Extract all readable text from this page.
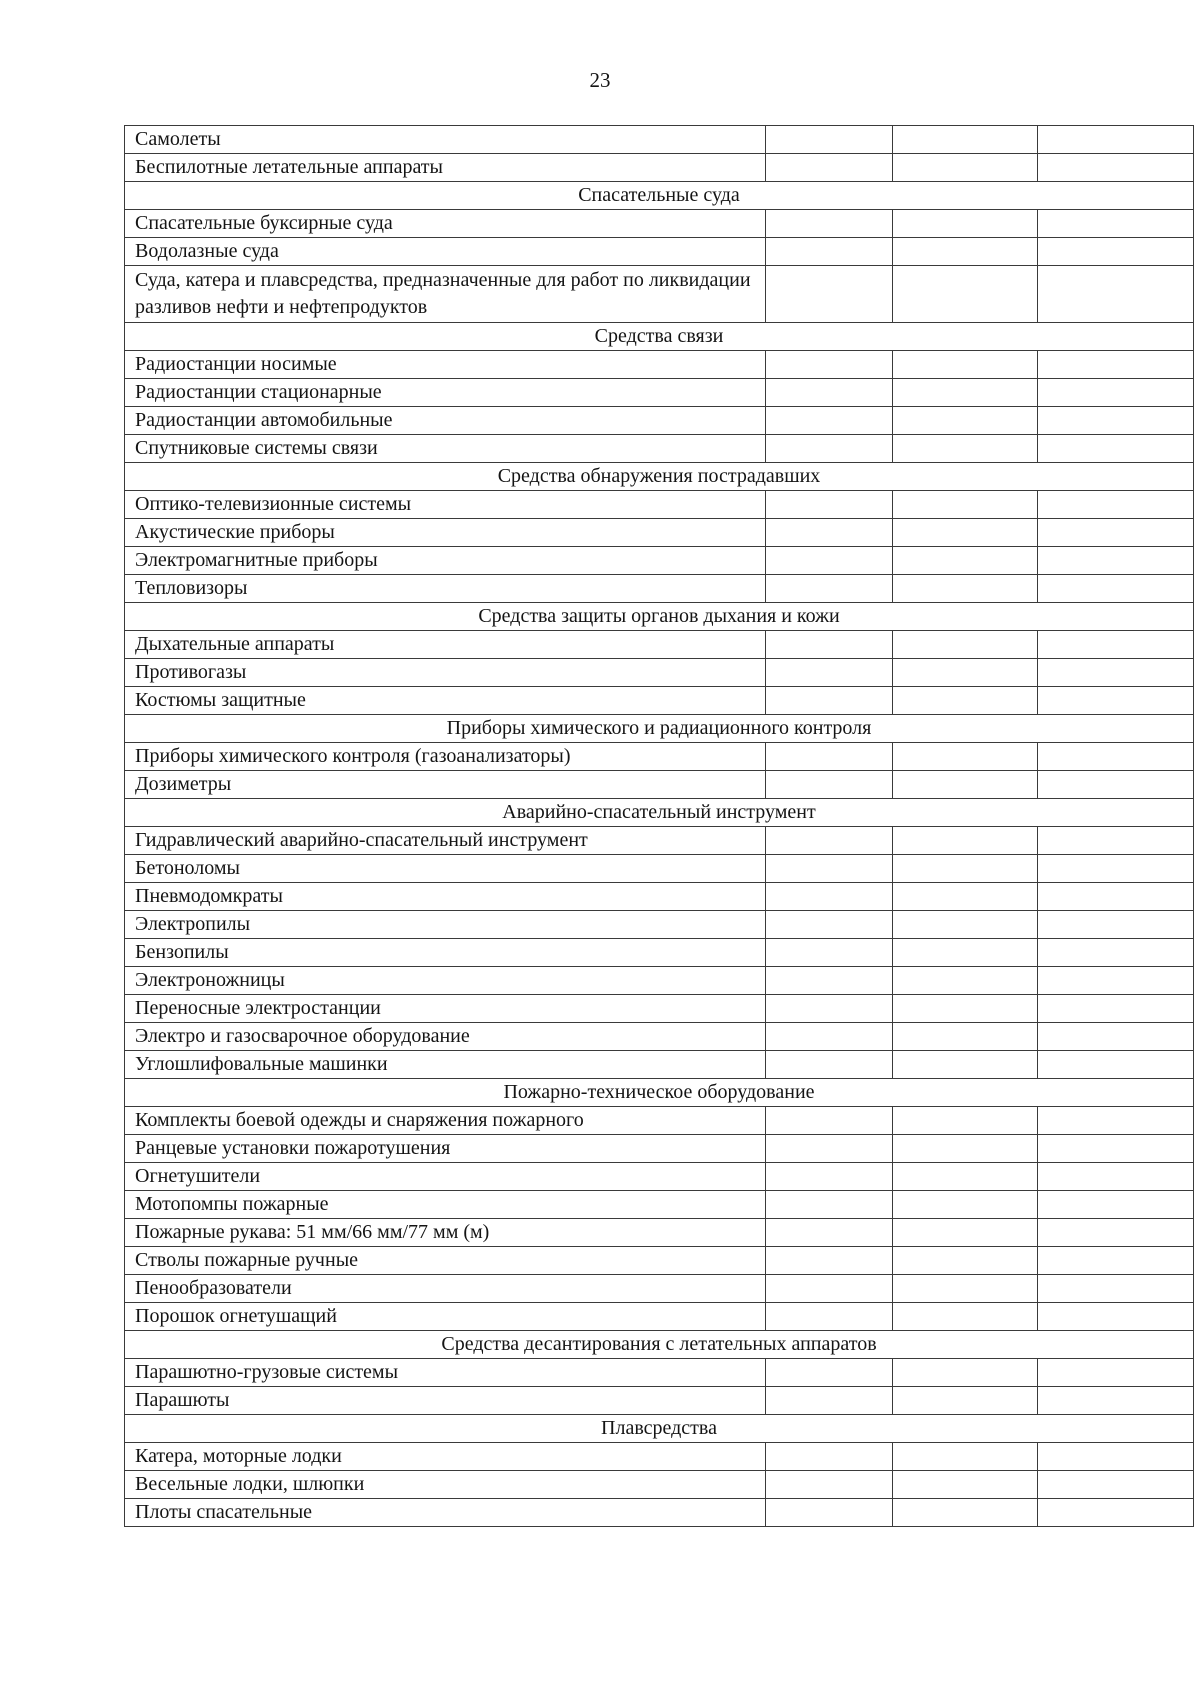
23
Самолеты			
Беспилотные летательные аппараты			
Спасательные суда			
Спасательные буксирные суда			
Водолазные суда			
Суда, катера и плавсредства, предназначенные для работ по ликвидации разливов нефти и нефтепродуктов			
Средства связи			
Радиостанции носимые			
Радиостанции стационарные			
Радиостанции автомобильные			
Спутниковые системы связи			
Средства обнаружения пострадавших			
Оптико-телевизионные системы			
Акустические приборы			
Электромагнитные приборы			
Тепловизоры			
Средства защиты органов дыхания и кожи			
Дыхательные аппараты			
Противогазы			
Костюмы защитные			
Приборы химического и радиационного контроля			
Приборы химического контроля (газоанализаторы)			
Дозиметры			
Аварийно-спасательный инструмент			
Гидравлический аварийно-спасательный инструмент			
Бетоноломы			
Пневмодомкраты			
Электропилы			
Бензопилы			
Электроножницы			
Переносные электростанции			
Электро и газосварочное оборудование			
Углошлифовальные машинки			
Пожарно-техническое оборудование			
Комплекты боевой одежды и снаряжения пожарного			
Ранцевые установки пожаротушения			
Огнетушители			
Мотопомпы пожарные			
Пожарные рукава: 51 мм/66 мм/77 мм (м)			
Стволы пожарные ручные			
Пенообразователи			
Порошок огнетушащий			
Средства десантирования с летательных аппаратов			
Парашютно-грузовые системы			
Парашюты			
Плавсредства			
Катера, моторные лодки			
Весельные лодки, шлюпки			
Плоты спасательные			
